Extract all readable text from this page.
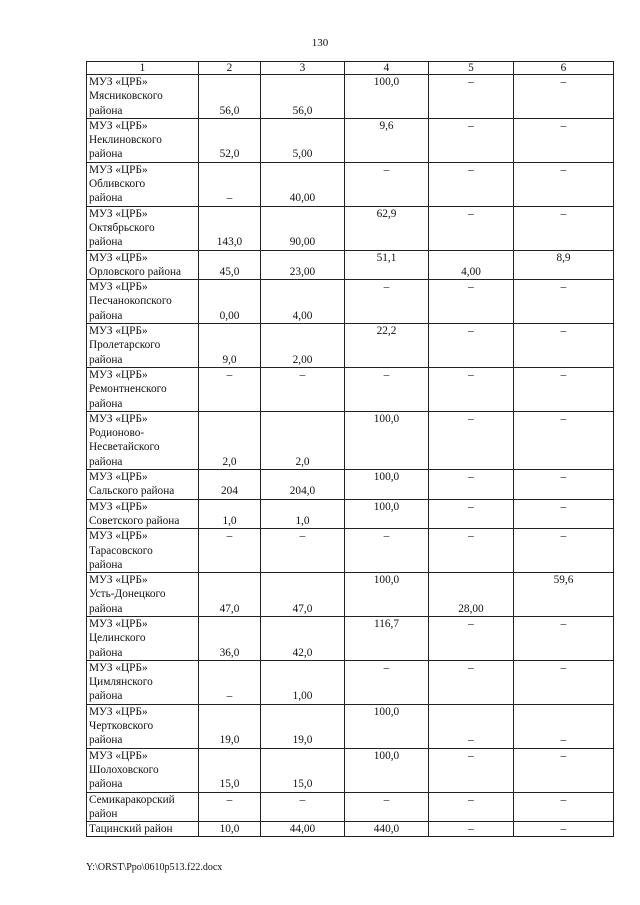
130
1	2	3	4	5	6
МУЗ «ЦРБ»
Мясниковского
района	56,0	56,0	100,0	–	–

МУЗ «ЦРБ»
Неклиновского
района	52,0	5,00	9,6	–	–

МУЗ «ЦРБ»
Обливского
района	–	40,00	–	–	–

МУЗ «ЦРБ»
Октябрьского
района	143,0	90,00	62,9	–	–

МУЗ «ЦРБ»
Орловского района	45,0	23,00	51,1	4,00	8,9

МУЗ «ЦРБ»
Песчанокопского
района	0,00	4,00	–	–	–

МУЗ «ЦРБ»
Пролетарского
района	9,0	2,00	22,2	–	–

МУЗ «ЦРБ»
Ремонтненского
района	–	–	–	–	–

МУЗ «ЦРБ»
Родионово-
Несветайского
района	2,0	2,0	100,0	–	–

МУЗ «ЦРБ»
Сальского района	204	204,0	100,0	–	–

МУЗ «ЦРБ»
Советского района	1,0	1,0	100,0	–	–

МУЗ «ЦРБ»
Тарасовского
района	–	–	–	–	–

МУЗ «ЦРБ»
Усть-Донецкого
района	47,0	47,0	100,0	28,00	59,6

МУЗ «ЦРБ»
Целинского
района	36,0	42,0	116,7	–	–

МУЗ «ЦРБ»
Цимлянского
района	–	1,00	–	–	–

МУЗ «ЦРБ»
Чертковского
района	19,0	19,0	100,0	–	–

МУЗ «ЦРБ»
Шолоховского
района	15,0	15,0	100,0	–	–

Семикаракорский
район	–	–	–	–	–

Тацинский район	10,0	44,00	440,0	–	–
Y:\ORST\Ppo\0610p513.f22.docx
